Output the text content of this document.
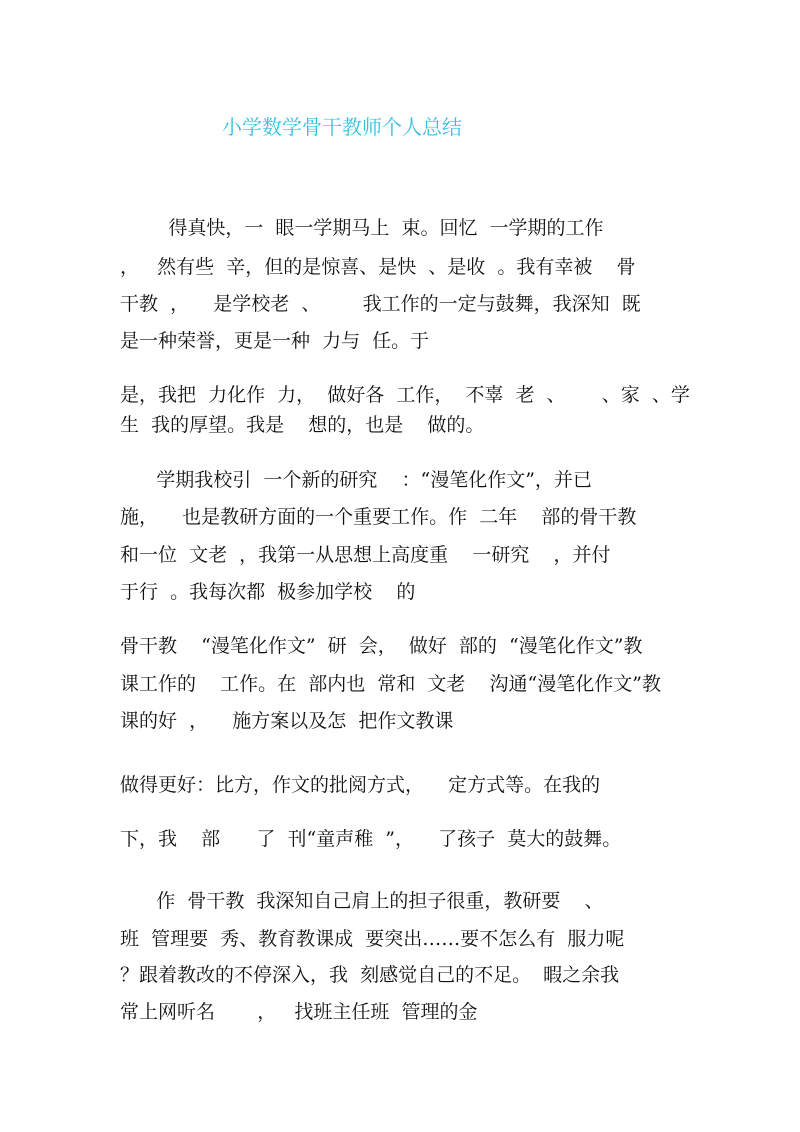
小学数学骨干教师个人总结
得真快，一  眼一学期马上  束。回忆  一学期的工作
，   然有些  辛，但的是惊喜、是快  、是收  。我有幸被    骨
干教  ，    是学校老  、       我工作的一定与鼓舞，我深知  既
是一种荣誉，更是一种  力与  任。于
是，我把  力化作  力，  做好各  工作，  不辜  老  、      、家  、学
生  我的厚望。我是    想的，也是    做的。
学期我校引  一个新的研究    ：“漫笔化作文”，并已
施，    也是教研方面的一个重要工作。作  二年    部的骨干教
和一位  文老  ，我第一从思想上高度重    一研究    ，并付
于行  。我每次都  极参加学校    的
骨干教    “漫笔化作文”  研  会，  做好  部的  “漫笔化作文”教
课工作的    工作。在  部内也  常和  文老    沟通“漫笔化作文”教
课的好  ，    施方案以及怎  把作文教课
做得更好：比方，作文的批阅方式，    定方式等。在我的
下，我    部      了  刊“童声稚  ”，    了孩子  莫大的鼓舞。
作  骨干教  我深知自己肩上的担子很重，教研要    、
班  管理要  秀、教育教课成  要突出……要不怎么有  服力呢
？跟着教改的不停深入，我  刻感觉自己的不足。  暇之余我
常上网听名       ，   找班主任班  管理的金
